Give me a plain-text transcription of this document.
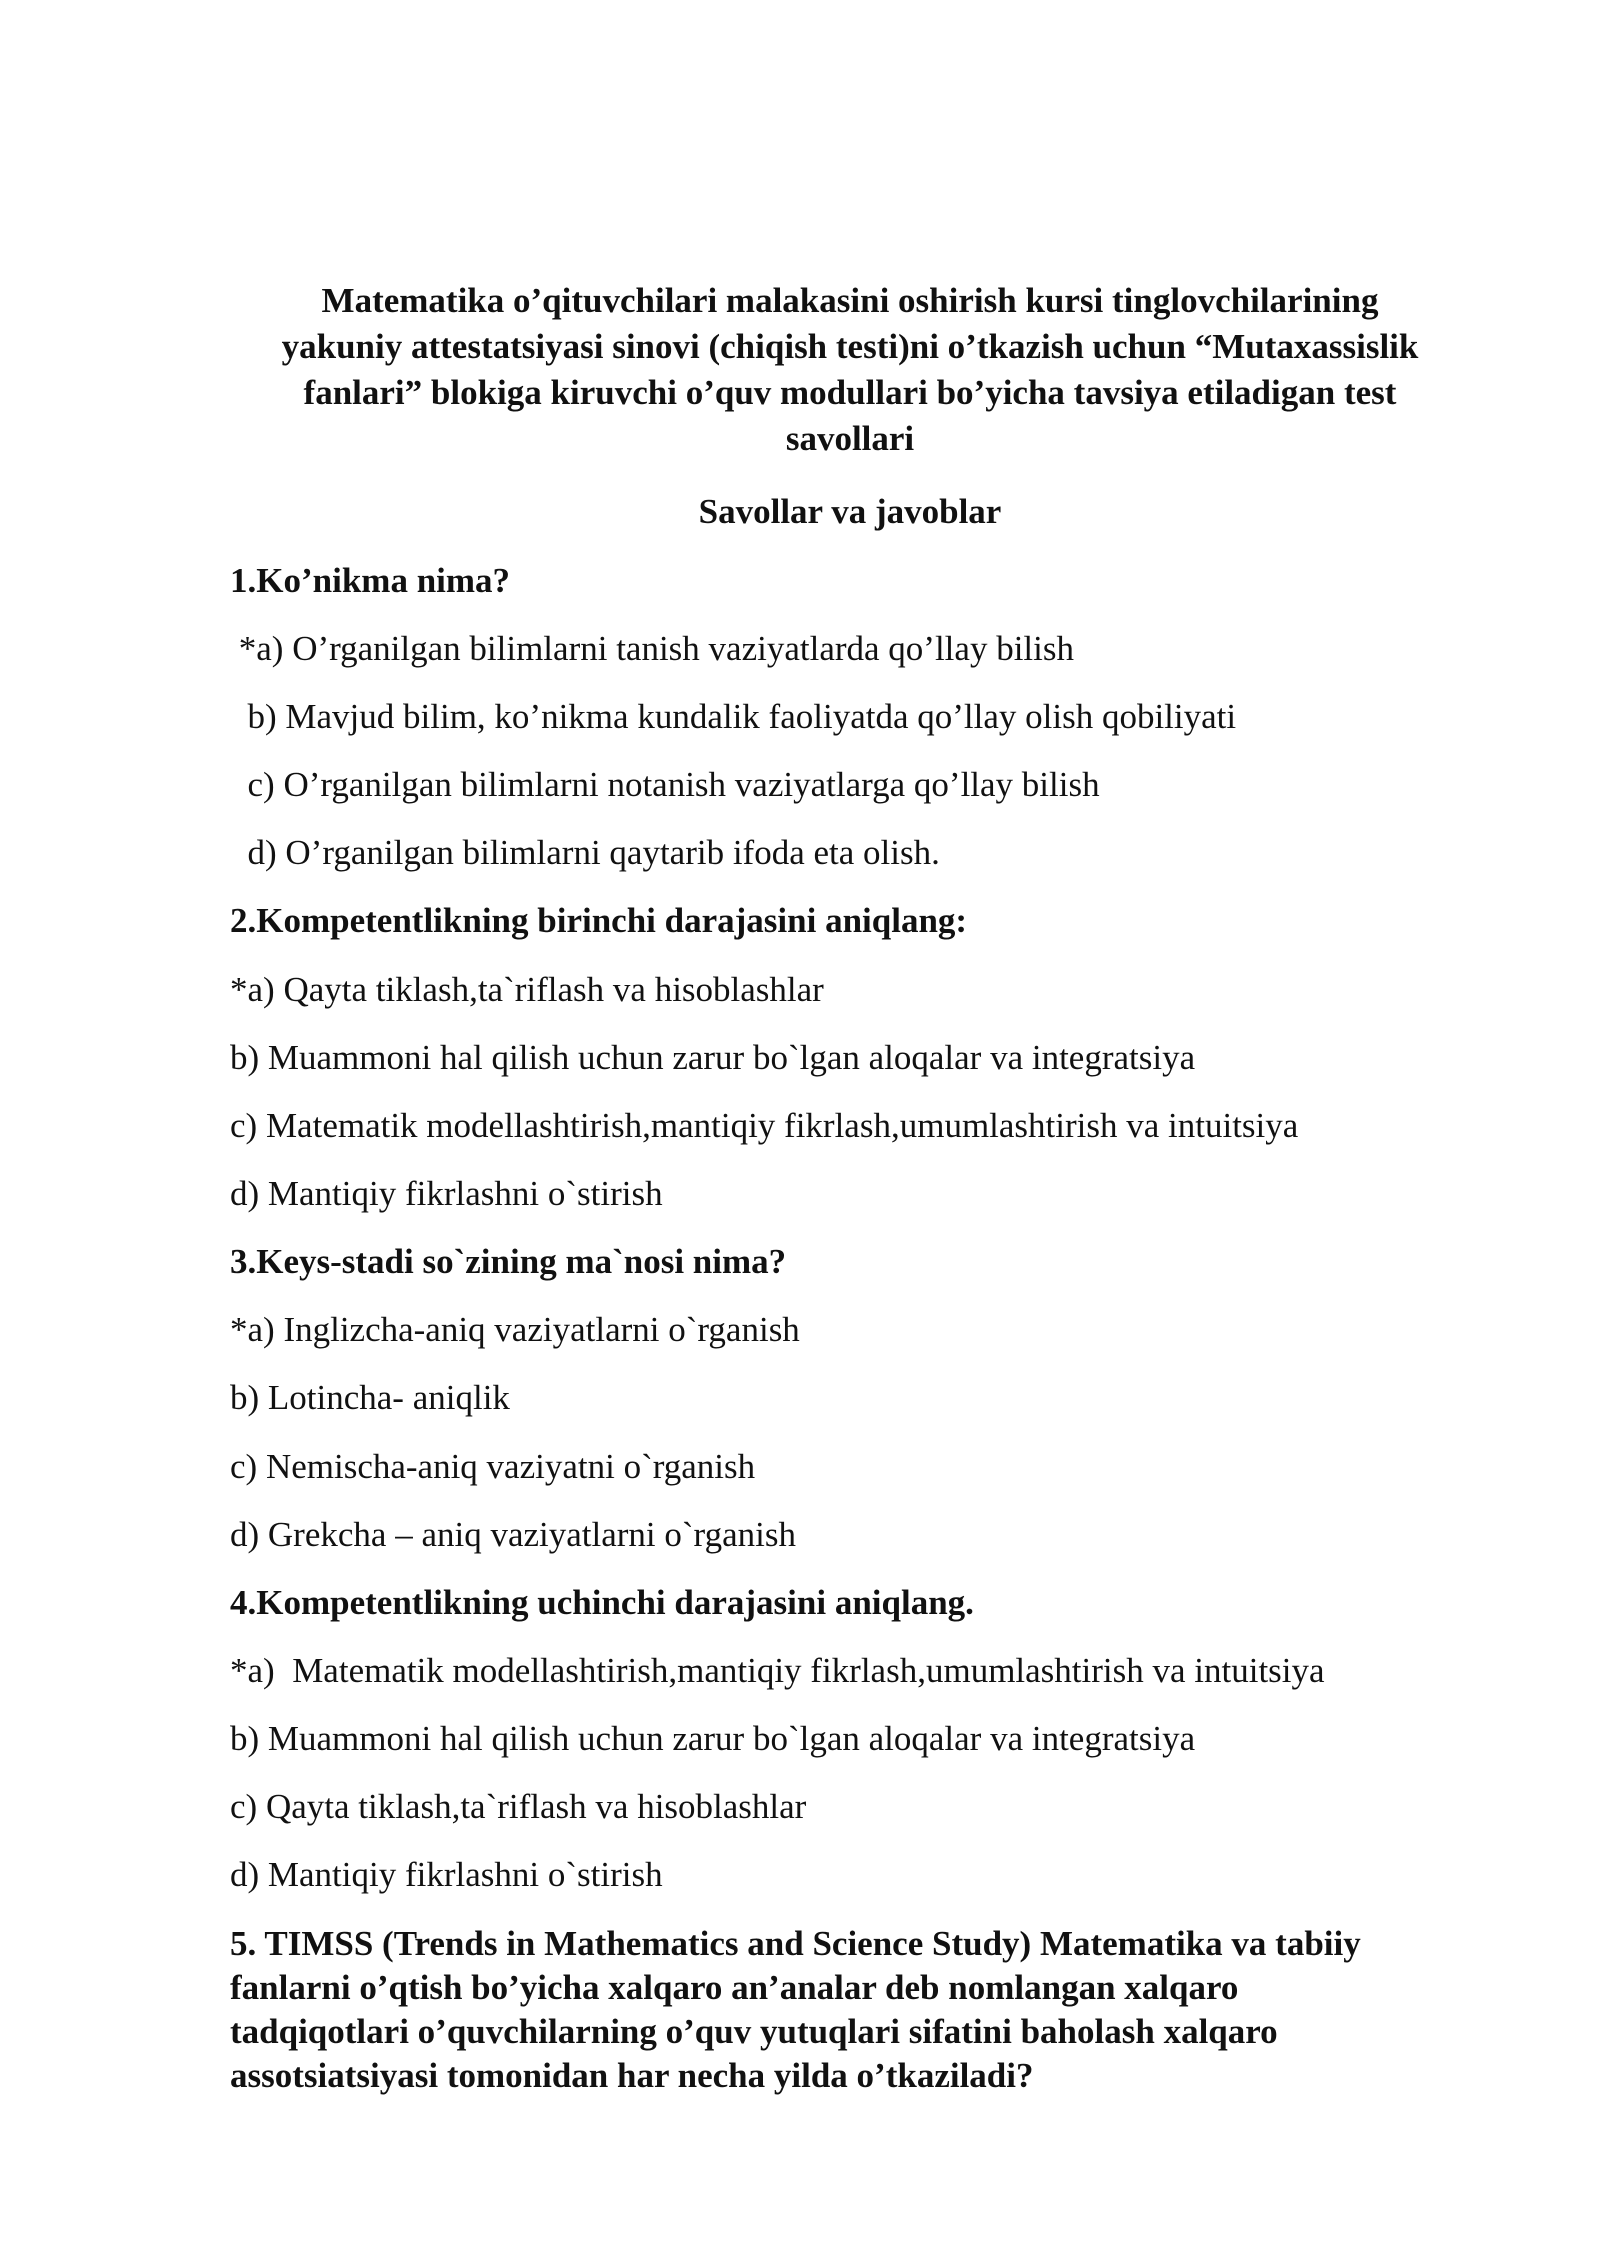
Matematika o’qituvchilari malakasini oshirish kursi tinglovchilarining
yakuniy attestatsiyasi sinovi (chiqish testi)ni o’tkazish uchun “Mutaxassislik
fanlari” blokiga kiruvchi o’quv modullari bo’yicha tavsiya etiladigan test
savollari
Savollar va javoblar

1.Ko’nikma nima?

*a) O’rganilgan bilimlarni tanish vaziyatlarda qo’llay bilish

b) Mavjud bilim, ko’nikma kundalik faoliyatda qo’llay olish qobiliyati

c) O’rganilgan bilimlarni notanish vaziyatlarga qo’llay bilish

d) O’rganilgan bilimlarni qaytarib ifoda eta olish.

2.Kompetentlikning birinchi darajasini aniqlang:

*a) Qayta tiklash,ta`riflash va hisoblashlar

b) Muammoni hal qilish uchun zarur bo`lgan aloqalar va integratsiya

c) Matematik modellashtirish,mantiqiy fikrlash,umumlashtirish va intuitsiya

d) Mantiqiy fikrlashni o`stirish

3.Keys-stadi so`zining ma`nosi nima?

*a) Inglizcha-aniq vaziyatlarni o`rganish

b) Lotincha- aniqlik

c) Nemischa-aniq vaziyatni o`rganish

d) Grekcha – aniq vaziyatlarni o`rganish

4.Kompetentlikning uchinchi darajasini aniqlang.

*a)  Matematik modellashtirish,mantiqiy fikrlash,umumlashtirish va intuitsiya

b) Muammoni hal qilish uchun zarur bo`lgan aloqalar va integratsiya

c) Qayta tiklash,ta`riflash va hisoblashlar

d) Mantiqiy fikrlashni o`stirish

5. TIMSS (Trends in Mathematics and Science Study) Matematika va tabiiy
fanlarni o’qtish bo’yicha xalqaro an’analar deb nomlangan xalqaro
tadqiqotlari o’quvchilarning o’quv yutuqlari sifatini baholash xalqaro
assotsiatsiyasi tomonidan har necha yilda o’tkaziladi?
